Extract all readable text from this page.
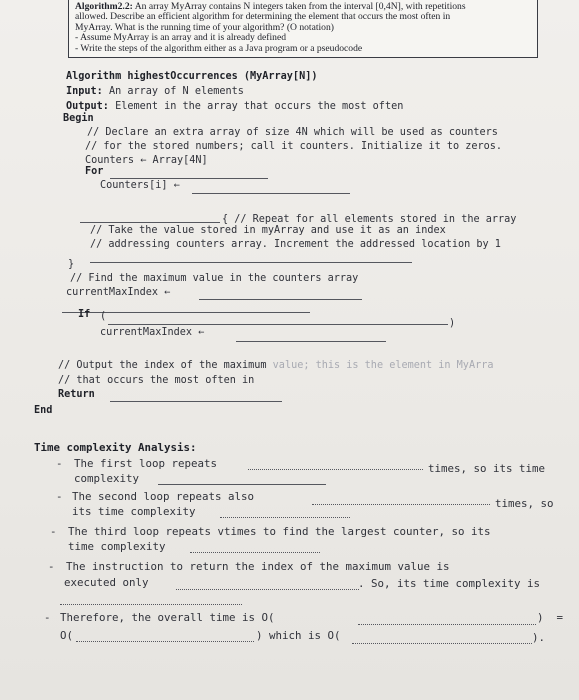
Algorithm2.2: An array MyArray contains N integers taken from the interval [0,4N], with repetitions
allowed. Describe an efficient algorithm for determining the element that occurs the most often in
MyArray. What is the running time of your algorithm? (O notation)
- Assume MyArray is an array and it is already defined
- Write the steps of the algorithm either as a Java program or a pseudocode
Algorithm highestOccurrences (MyArray[N])
Input: An array of N elements
Output: Element in the array that occurs the most often
Begin
// Declare an extra array of size 4N which will be used as counters
// for the stored numbers; call it counters. Initialize it to zeros.
Counters ← Array[4N]
For
Counters[i] ←
{ // Repeat for all elements stored in the array
// Take the value stored in myArray and use it as an index
// addressing counters array. Increment the addressed location by 1
}
// Find the maximum value in the counters array
currentMaxIndex ←
If (
)
currentMaxIndex ←
// Output the index of the maximum value; this is the element in MyArra
// that occurs the most often in
Return
End
Time complexity Analysis:
- The first loop repeats	times, so its time
complexity
- The second loop repeats also
times, so
its time complexity
- The third loop repeats vtimes to find the largest counter, so its
time complexity
- The instruction to return the index of the maximum value is
executed only	. So, its time complexity is
- Therefore, the overall time is O(	)  =
O(	) which is O(	).
